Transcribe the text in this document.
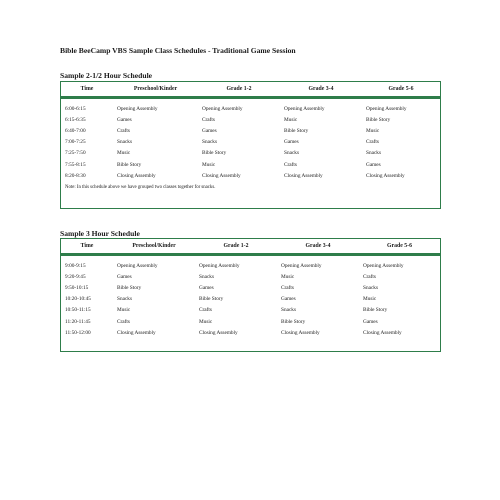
Bible BeeCamp VBS Sample Class Schedules - Traditional Game Session
Sample 2-1/2 Hour Schedule
Time	Preschool/Kinder	Grade 1-2	Grade 3-4	Grade 5-6
6:00-6:15	Opening Assembly	Opening Assembly	Opening Assembly	Opening Assembly
6:15-6:35	Games	Crafts	Music	Bible Story
6:40-7:00	Crafts	Games	Bible Story	Music
7:00-7:25	Snacks	Snacks	Games	Crafts
7:25-7:50	Music	Bible Story	Snacks	Snacks
7:55-8:15	Bible Story	Music	Crafts	Games
8:20-8:30	Closing Assembly	Closing Assembly	Closing Assembly	Closing Assembly
Note: In this schedule above we have grouped two classes together for snacks.
Sample 3 Hour Schedule
Time	Preschool/Kinder	Grade 1-2	Grade 3-4	Grade 5-6
9:00-9:15	Opening Assembly	Opening Assembly	Opening Assembly	Opening Assembly
9:20-9:45	Games	Snacks	Music	Crafts
9:50-10:15	Bible Story	Games	Crafts	Snacks
10:20-10:45	Snacks	Bible Story	Games	Music
10:50-11:15	Music	Crafts	Snacks	Bible Story
11:20-11:45	Crafts	Music	Bible Story	Games
11:50-12:00	Closing Assembly	Closing Assembly	Closing Assembly	Closing Assembly
